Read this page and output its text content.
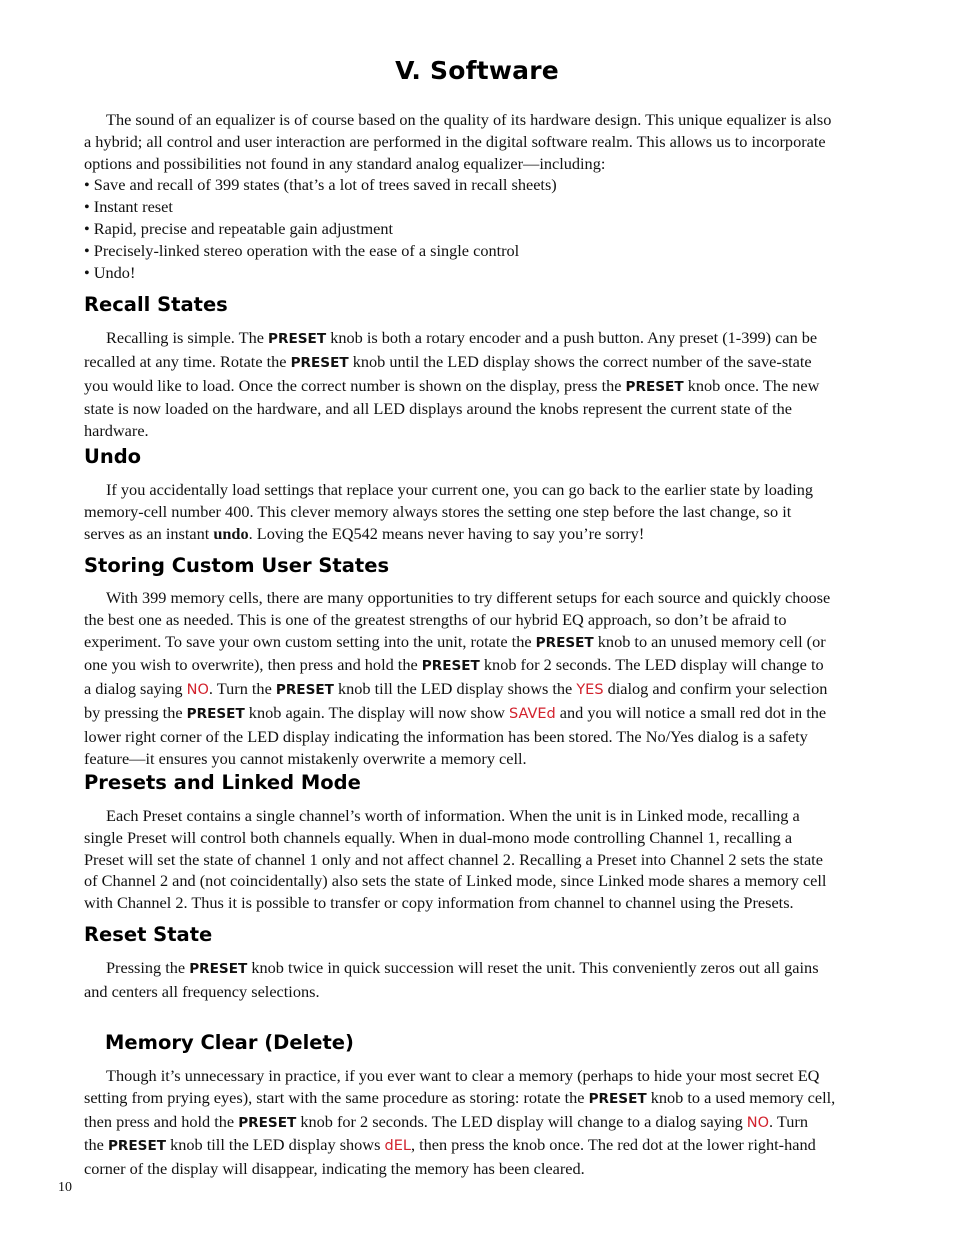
V. Software
The sound of an equalizer is of course based on the quality of its hardware design. This unique equalizer is also
a hybrid; all control and user interaction are performed in the digital software realm. This allows us to incorporate
options and possibilities not found in any standard analog equalizer—including:
• Save and recall of 399 states (that’s a lot of trees saved in recall sheets)
• Instant reset
• Rapid, precise and repeatable gain adjustment
• Precisely-linked stereo operation with the ease of a single control
• Undo!
Recall States
Recalling is simple. The PRESET knob is both a rotary encoder and a push button. Any preset (1-399) can be
recalled at any time. Rotate the PRESET knob until the LED display shows the correct number of the save-state
you would like to load. Once the correct number is shown on the display, press the PRESET knob once. The new
state is now loaded on the hardware, and all LED displays around the knobs represent the current state of the
hardware.
Undo
If you accidentally load settings that replace your current one, you can go back to the earlier state by loading
memory-cell number 400. This clever memory always stores the setting one step before the last change, so it
serves as an instant undo. Loving the EQ542 means never having to say you’re sorry!
Storing Custom User States
With 399 memory cells, there are many opportunities to try different setups for each source and quickly choose
the best one as needed. This is one of the greatest strengths of our hybrid EQ approach, so don’t be afraid to
experiment. To save your own custom setting into the unit, rotate the PRESET knob to an unused memory cell (or
one you wish to overwrite), then press and hold the PRESET knob for 2 seconds. The LED display will change to
a dialog saying NO. Turn the PRESET knob till the LED display shows the YES dialog and confirm your selection
by pressing the PRESET knob again. The display will now show SAVEd and you will notice a small red dot in the
lower right corner of the LED display indicating the information has been stored. The No/Yes dialog is a safety
feature—it ensures you cannot mistakenly overwrite a memory cell.
Presets and Linked Mode
Each Preset contains a single channel’s worth of information. When the unit is in Linked mode, recalling a
single Preset will control both channels equally. When in dual-mono mode controlling Channel 1, recalling a
Preset will set the state of channel 1 only and not affect channel 2. Recalling a Preset into Channel 2 sets the state
of Channel 2 and (not coincidentally) also sets the state of Linked mode, since Linked mode shares a memory cell
with Channel 2. Thus it is possible to transfer or copy information from channel to channel using the Presets.
Reset State
Pressing the PRESET knob twice in quick succession will reset the unit. This conveniently zeros out all gains
and centers all frequency selections.
Memory Clear (Delete)
Though it’s unnecessary in practice, if you ever want to clear a memory (perhaps to hide your most secret EQ
setting from prying eyes), start with the same procedure as storing: rotate the PRESET knob to a used memory cell,
then press and hold the PRESET knob for 2 seconds. The LED display will change to a dialog saying NO. Turn
the PRESET knob till the LED display shows dEL, then press the knob once. The red dot at the lower right-hand
corner of the display will disappear, indicating the memory has been cleared.

10
